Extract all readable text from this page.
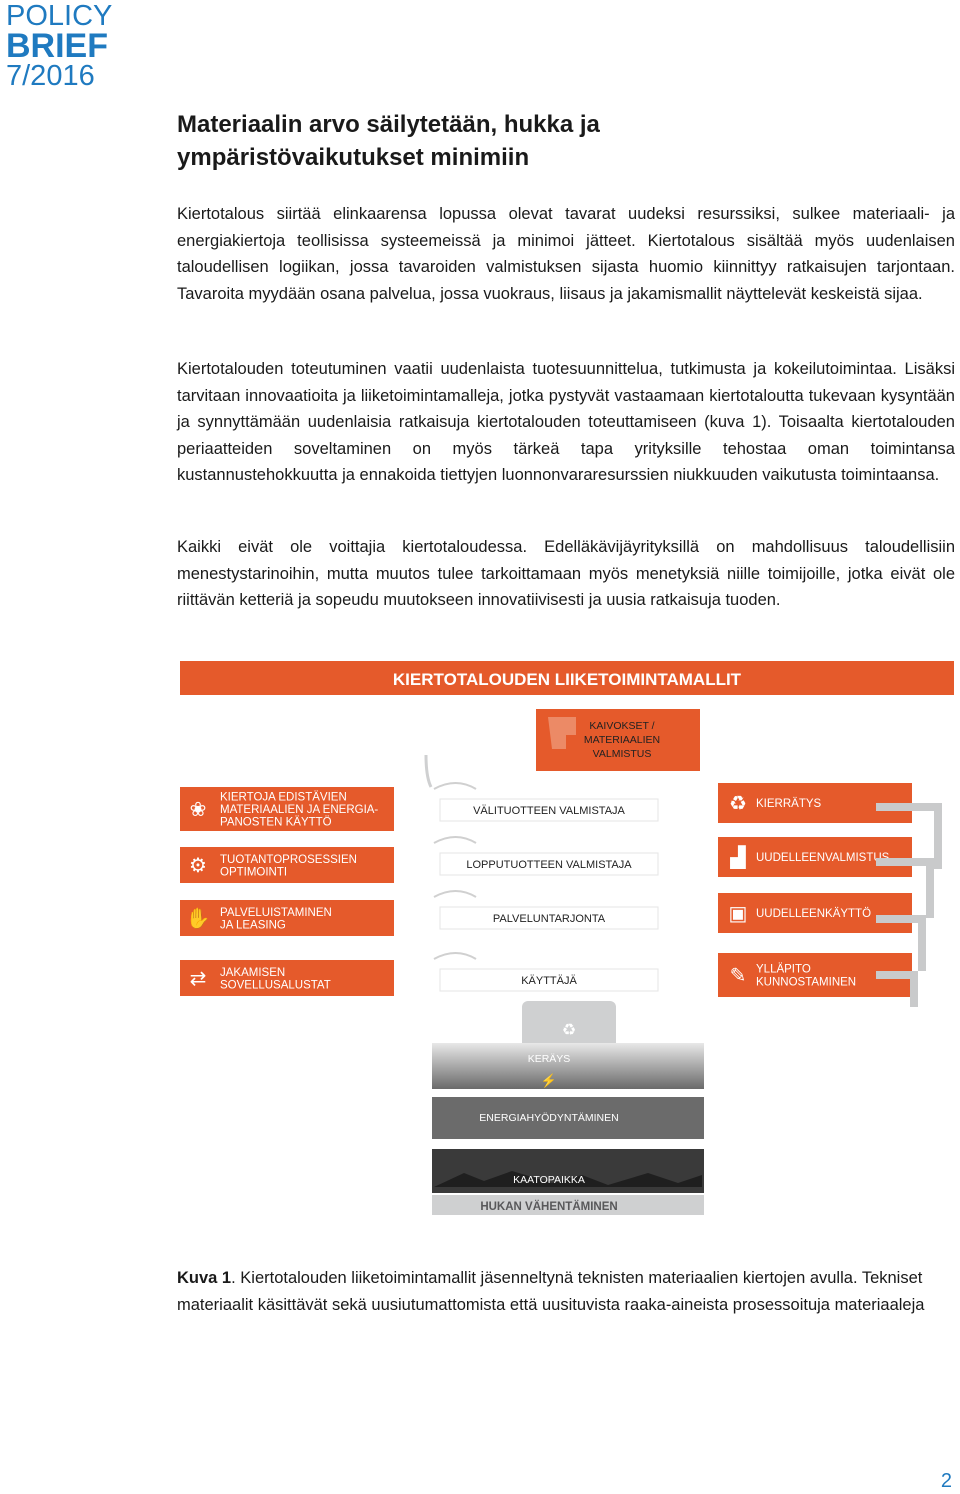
POLICY
BRIEF
7/2016
Materiaalin arvo säilytetään, hukka ja ympäristövaikutukset minimiin

Kiertotalous siirtää elinkaarensa lopussa olevat tavarat uudeksi resurssiksi, sulkee materiaali- ja energiakiertoja teollisissa systeemeissä ja minimoi jätteet. Kiertotalous sisältää myös uudenlaisen taloudellisen logiikan, jossa tavaroiden valmistuksen sijasta huomio kiinnittyy ratkaisujen tarjontaan. Tavaroita myydään osana palvelua, jossa vuokraus, liisaus ja jakamismallit näyttelevät keskeistä sijaa.

Kiertotalouden toteutuminen vaatii uudenlaista tuotesuunnittelua, tutkimusta ja kokeilutoimintaa. Lisäksi tarvitaan innovaatioita ja liiketoimintamalleja, jotka pystyvät vastaamaan kiertotaloutta tukevaan kysyntään ja synnyttämään uudenlaisia ratkaisuja kiertotalouden toteuttamiseen (kuva 1). Toisaalta kiertotalouden periaatteiden soveltaminen on myös tärkeä tapa yrityksille tehostaa oman toimintansa kustannustehokkuutta ja ennakoida tiettyjen luonnonvararesurssien niukkuuden vaikutusta toimintaansa.

Kaikki eivät ole voittajia kiertotaloudessa. Edelläkävijäyrityksillä on mahdollisuus taloudellisiin menestystarinoihin, mutta muutos tulee tarkoittamaan myös menetyksiä niille toimijoille, jotka eivät ole riittävän ketteriä ja sopeudu muutokseen innovatiivisesti ja uusia ratkaisuja tuoden.

KIERTOTALOUDEN LIIKETOIMINTAMALLIT
KAIVOKSET /
MATERIAALIEN
VALMISTUS
❀
KIERTOJA EDISTÄVIEN
MATERIAALIEN JA ENERGIA-
PANOSTEN KÄYTTÖ
⚙ TUOTANTOPROSESSIEN
OPTIMOINTI
✋ PALVELUISTAMINEN
JA LEASING
⇄ JAKAMISEN
SOVELLUSALUSTAT
VÄLITUOTTEEN VALMISTAJA
LOPPUTUOTTEEN VALMISTAJA
PALVELUNTARJONTA
KÄYTTÄJÄ
♻ KIERRÄTYS
▟ UUDELLEENVALMISTUS
▣ UUDELLEENKÄYTTÖ
✎ YLLÄPITO
KUNNOSTAMINEN
♻
KERÄYS
⚡
ENERGIAHYÖDYNTÄMINEN
KAATOPAIKKA
HUKAN VÄHENTÄMINEN

Kuva 1. Kiertotalouden liiketoimintamallit jäsenneltynä teknisten materiaalien kiertojen avulla. Tekniset materiaalit käsittävät sekä uusiutumattomista että uusituvista raaka-aineista prosessoituja materiaaleja

2
